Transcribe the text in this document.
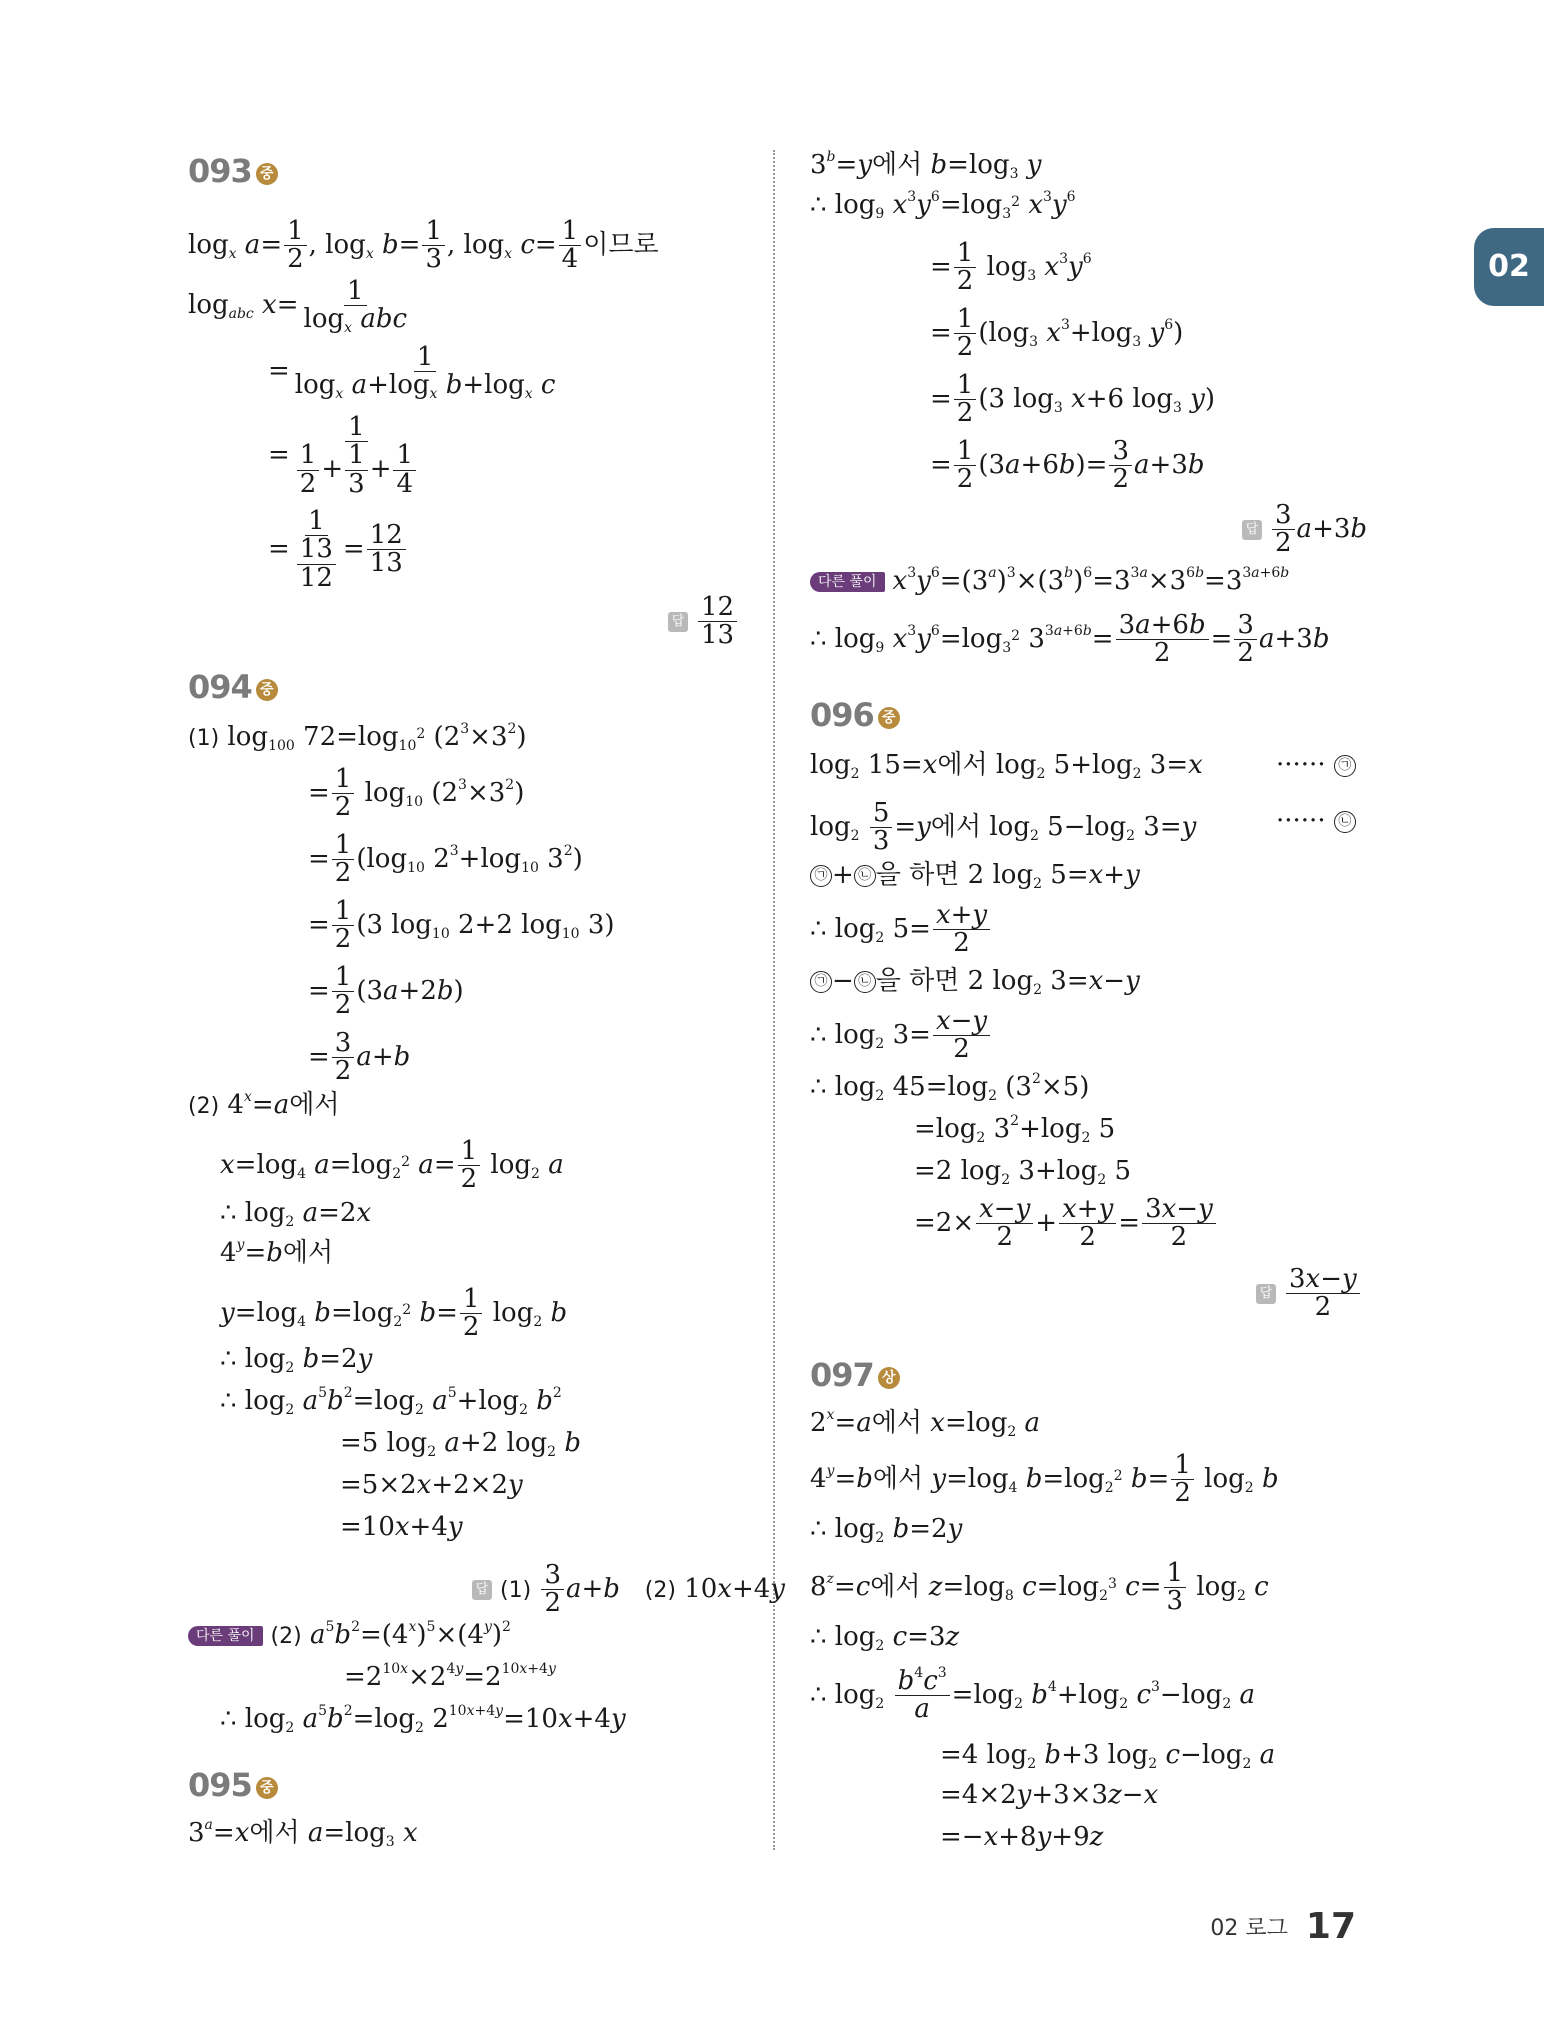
02
093 중
$\log_x a= \frac{1}{2}$ , $\log_x b= \frac{1}{3}$ , $\log_x c= \frac{1}{4}$ 이므로
$\log_{abc} x= 1$
$\log_x$ abc
= $\frac{1}{\log_x a+\log_x b+\log_x c}$
= $\frac{1}{\frac{1}{2} + \frac{1}{3} + \frac{1}{4}}$
= $\frac{1}{\frac{13}{12}} = \frac{12}{13}$
답 $\frac{12}{13}$
094 중
(1) $\log_{100} 72=\log_{10^2}$ $(2^3\times 3^2)$
= $\frac{1}{2} \log_{10} (2^3\times 3^2)$
= $\frac{1}{2} (\log_{10}$ $2^3+\log_{10}$ $3^2$)
= $\frac{1}{2} (3$ $\log_{10} 2+2$ $\log_{10} 3$)
= $\frac{1}{2} (3a+2b)$
= $\frac{3}{2} a+b$
(2) $4^x=a$에서
$x=\log_4$ $a=\log_{2^2}$ $a= \frac{1}{2} \log_2 a$
∴ $\log_2 a=2x$
$4^y=b$에서
$y=\log_4$ $b=\log_{2^2}$ $b= \frac{1}{2} \log_2 b$
∴ $\log_2 b=2y$
∴ $\log_2 a^5b^2=\log_2$ $a^5+\log_2$ $b^2$
=5 $\log_2 a+2$ $\log_2 b$
=5×2x+2×2y
=10x+4y
답 $(1) \frac{3}{2} a+b$ (2) 10x+4y
다른 풀이 (2) $a^5b^2=(4^x)^5\times(4^y)^2$
$=2^{10x}\times 2^{4y}=2^{10x+4y}$
∴ $\log_2 a^5b^2=\log_2$ $2^{10x+4y}=10x+4y$
095 중
$3^a=x$에서 $a=\log_3$ x
$3^b=y$에서 $b=\log_3$ y
∴ $\log_9 x^3y^6=\log_{3^2}$ $x^3y^6$
= $\frac{1}{2} \log_3 x^3y^6$
= $\frac{1}{2} (\log_3$ $x^3+\log_3$ $y^6$)
= $\frac{1}{2} (3$ $\log_3 x+6$ $\log_3 y$)
= $\frac{1}{2} (3a+6b)= \frac{3}{2} a+3b$
답 $\frac{3}{2} a+3b$
다른 풀이 $x^3y^6=(3^a)^3\times(3^b)^6=3^{3a}\times 3^{6b}=3^{3a+6b}$
∴ $\log_9 x^3y^6=\log_{3^2}$ $3^{3a+6b}= \frac{3a+6b}{2} = \frac{3}{2} a+3b$
096 중
$\log_2 15=x$에서 $\log_2 5+\log_2$ 3=x	······ ㉠
$\log_2 \frac{5}{3} =y$에서 $\log_2 5-\log_2$ 3=y	······ ㉡
㉠ + ㉡ 을 하면 2 $\log_2 5=x+y$
∴ $\log_2 5= \frac{x+y}{2}$
㉠ − ㉡ 을 하면 2 $\log_2 3=x-y$
∴ $\log_2 3= \frac{x-y}{2}$
∴ $\log_2 45=\log_2$ $(3^2\times 5)$
$=\log_2$ $3^2+\log_2$ 5
=2 $\log_2 3+\log_2$ 5
$=2\times \frac{x-y}{2} + \frac{x+y}{2} = \frac{3x-y}{2}$
답 $\frac{3x-y}{2}$
097 상
$2^x=a$에서 $x=\log_2$ a
$4^y=b$에서 $y=\log_4$ $b=\log_{2^2}$ $b= \frac{1}{2} \log_2 b$
∴ $\log_2 b=2y$
$8^z=c$에서 $z=\log_8$ $c=\log_{2^3}$ $c= \frac{1}{3} \log_2 c$
∴ $\log_2 c=3z$
∴ $\log_2 \frac{b^4c^3}{a} =\log_2$ $b^4+\log_2$ $c^3-\log_2$ a
=4 $\log_2 b+3$ $\log_2 c-\log_2$ a
=4×2y+3×3z−x
=−x+8y+9z
02 로그 17
